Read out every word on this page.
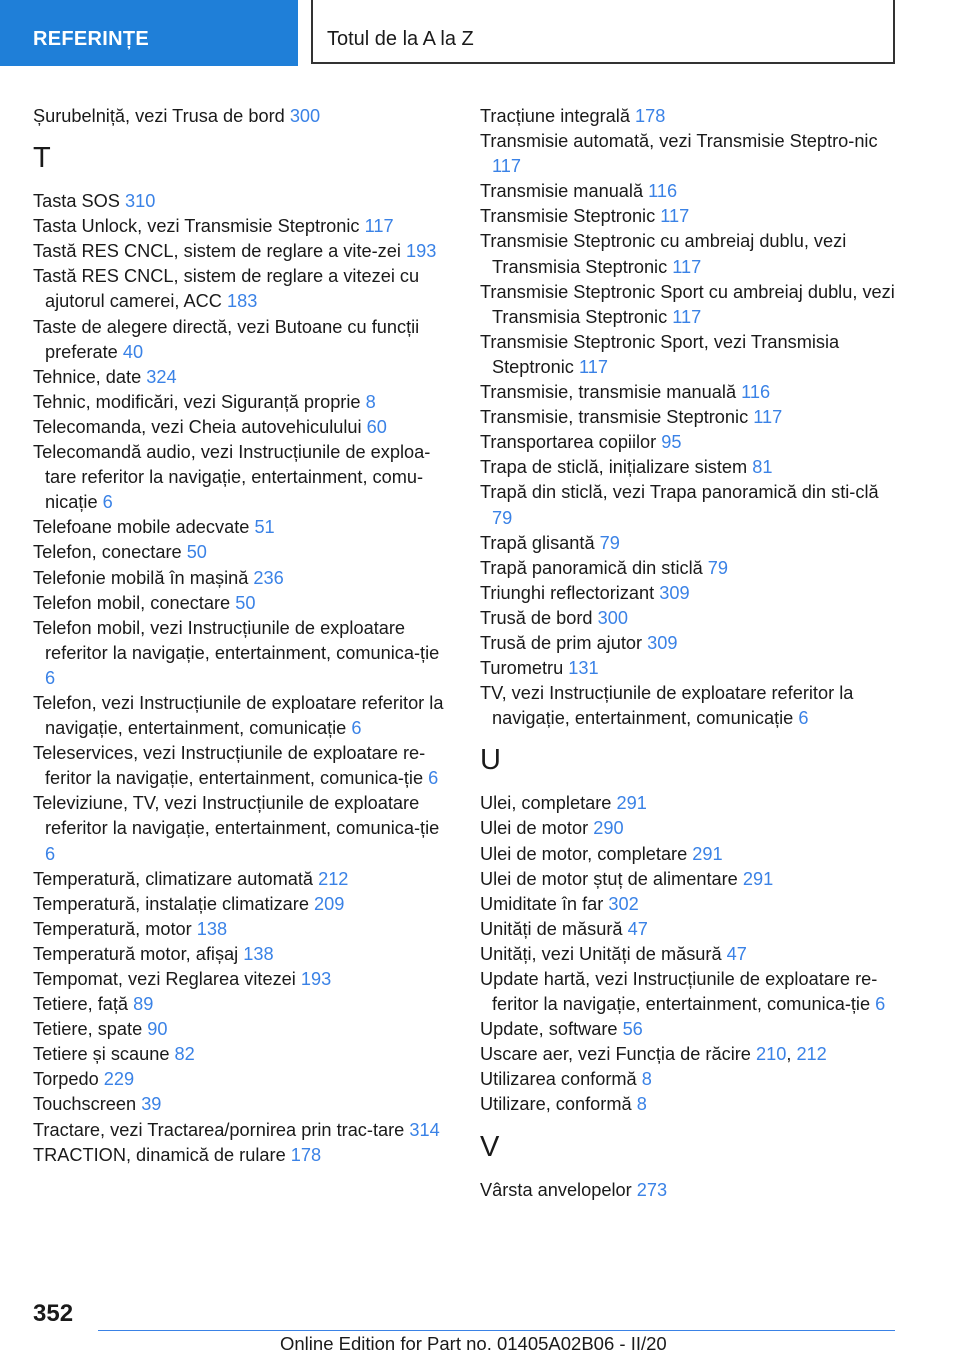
REFERINȚE	Totul de la A la Z
Șurubelniță, vezi Trusa de bord 300
T
Tasta SOS 310
Tasta Unlock, vezi Transmisie Steptronic 117
Tastă RES CNCL, sistem de reglare a vite-zei 193
Tastă RES CNCL, sistem de reglare a vitezei cu ajutorul camerei, ACC 183
Taste de alegere directă, vezi Butoane cu funcții preferate 40
Tehnice, date 324
Tehnic, modificări, vezi Siguranță proprie 8
Telecomanda, vezi Cheia autovehiculului 60
Telecomandă audio, vezi Instrucțiunile de exploa-tare referitor la navigație, entertainment, comu-nicație 6
Telefoane mobile adecvate 51
Telefon, conectare 50
Telefonie mobilă în mașină 236
Telefon mobil, conectare 50
Telefon mobil, vezi Instrucțiunile de exploatare referitor la navigație, entertainment, comunica-ție 6
Telefon, vezi Instrucțiunile de exploatare referitor la navigație, entertainment, comunicație 6
Teleservices, vezi Instrucțiunile de exploatare re-feritor la navigație, entertainment, comunica-ție 6
Televiziune, TV, vezi Instrucțiunile de exploatare referitor la navigație, entertainment, comunica-ție 6
Temperatură, climatizare automată 212
Temperatură, instalație climatizare 209
Temperatură, motor 138
Temperatură motor, afișaj 138
Tempomat, vezi Reglarea vitezei 193
Tetiere, față 89
Tetiere, spate 90
Tetiere și scaune 82
Torpedo 229
Touchscreen 39
Tractare, vezi Tractarea/pornirea prin trac-tare 314
TRACTION, dinamică de rulare 178
Tracțiune integrală 178
Transmisie automată, vezi Transmisie Steptro-nic 117
Transmisie manuală 116
Transmisie Steptronic 117
Transmisie Steptronic cu ambreiaj dublu, vezi Transmisia Steptronic 117
Transmisie Steptronic Sport cu ambreiaj dublu, vezi Transmisia Steptronic 117
Transmisie Steptronic Sport, vezi Transmisia Steptronic 117
Transmisie, transmisie manuală 116
Transmisie, transmisie Steptronic 117
Transportarea copiilor 95
Trapa de sticlă, inițializare sistem 81
Trapă din sticlă, vezi Trapa panoramică din sti-clă 79
Trapă glisantă 79
Trapă panoramică din sticlă 79
Triunghi reflectorizant 309
Trusă de bord 300
Trusă de prim ajutor 309
Turometru 131
TV, vezi Instrucțiunile de exploatare referitor la navigație, entertainment, comunicație 6
U
Ulei, completare 291
Ulei de motor 290
Ulei de motor, completare 291
Ulei de motor ștuț de alimentare 291
Umiditate în far 302
Unități de măsură 47
Unități, vezi Unități de măsură 47
Update hartă, vezi Instrucțiunile de exploatare re-feritor la navigație, entertainment, comunica-ție 6
Update, software 56
Uscare aer, vezi Funcția de răcire 210, 212
Utilizarea conformă 8
Utilizare, conformă 8
V
Vârsta anvelopelor 273
352
Online Edition for Part no. 01405A02B06 - II/20
